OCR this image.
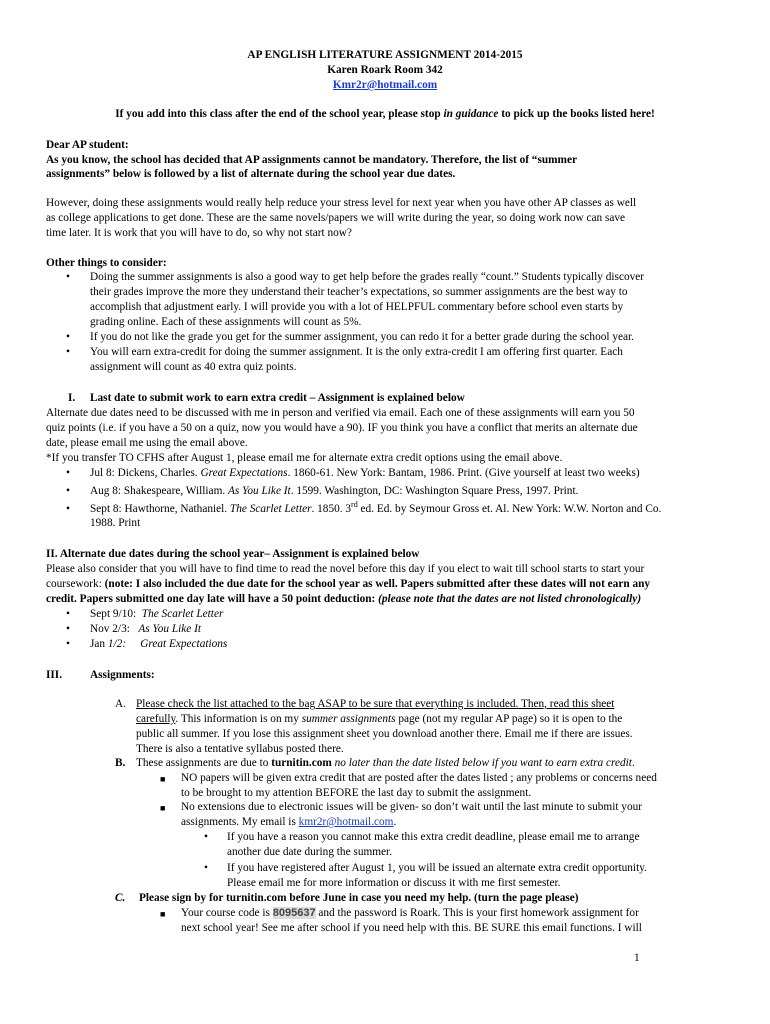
AP ENGLISH LITERATURE ASSIGNMENT 2014-2015
Karen Roark Room 342
Kmr2r@hotmail.com
If you add into this class after the end of the school year, please stop in guidance to pick up the books listed here!
Dear AP student:
As you know, the school has decided that AP assignments cannot be mandatory. Therefore, the list of “summer
assignments” below is followed by a list of alternate during the school year due dates.
However, doing these assignments would really help reduce your stress level for next year when you have other AP classes as well
as college applications to get done. These are the same novels/papers we will write during the year, so doing work now can save
time later. It is work that you will have to do, so why not start now?
Other things to consider:
• Doing the summer assignments is also a good way to get help before the grades really “count.” Students typically discover
their grades improve the more they understand their teacher’s expectations, so summer assignments are the best way to
accomplish that adjustment early. I will provide you with a lot of HELPFUL commentary before school even starts by
grading online. Each of these assignments will count as 5%.
• If you do not like the grade you get for the summer assignment, you can redo it for a better grade during the school year.
• You will earn extra-credit for doing the summer assignment. It is the only extra-credit I am offering first quarter. Each
assignment will count as 40 extra quiz points.
I. Last date to submit work to earn extra credit – Assignment is explained below
Alternate due dates need to be discussed with me in person and verified via email. Each one of these assignments will earn you 50
quiz points (i.e. if you have a 50 on a quiz, now you would have a 90). IF you think you have a conflict that merits an alternate due
date, please email me using the email above.
*If you transfer TO CFHS after August 1, please email me for alternate extra credit options using the email above.
• Jul 8: Dickens, Charles. Great Expectations. 1860-61. New York: Bantam, 1986. Print. (Give yourself at least two weeks)
• Aug 8: Shakespeare, William. As You Like It. 1599. Washington, DC: Washington Square Press, 1997. Print.
• Sept 8: Hawthorne, Nathaniel. The Scarlet Letter. 1850. 3rd ed. Ed. by Seymour Gross et. Al. New York: W.W. Norton and Co.
1988. Print
II. Alternate due dates during the school year– Assignment is explained below
Please also consider that you will have to find time to read the novel before this day if you elect to wait till school starts to start your
coursework: (note: I also included the due date for the school year as well. Papers submitted after these dates will not earn any
credit. Papers submitted one day late will have a 50 point deduction: (please note that the dates are not listed chronologically)
• Sept 9/10:  The Scarlet Letter
• Nov 2/3:   As You Like It
• Jan 1/2:     Great Expectations
III. Assignments:
A. Please check the list attached to the bag ASAP to be sure that everything is included. Then, read this sheet
carefully. This information is on my summer assignments page (not my regular AP page) so it is open to the
public all summer. If you lose this assignment sheet you download another there. Email me if there are issues.
There is also a tentative syllabus posted there.
B. These assignments are due to turnitin.com no later than the date listed below if you want to earn extra credit.
■ NO papers will be given extra credit that are posted after the dates listed ; any problems or concerns need
to be brought to my attention BEFORE the last day to submit the assignment.
■ No extensions due to electronic issues will be given- so don’t wait until the last minute to submit your
assignments. My email is kmr2r@hotmail.com.
• If you have a reason you cannot make this extra credit deadline, please email me to arrange
another due date during the summer.
• If you have registered after August 1, you will be issued an alternate extra credit opportunity.
Please email me for more information or discuss it with me first semester.
C. Please sign by for turnitin.com before June in case you need my help. (turn the page please)
■ Your course code is 8095637 and the password is Roark. This is your first homework assignment for
next school year! See me after school if you need help with this. BE SURE this email functions. I will
1
